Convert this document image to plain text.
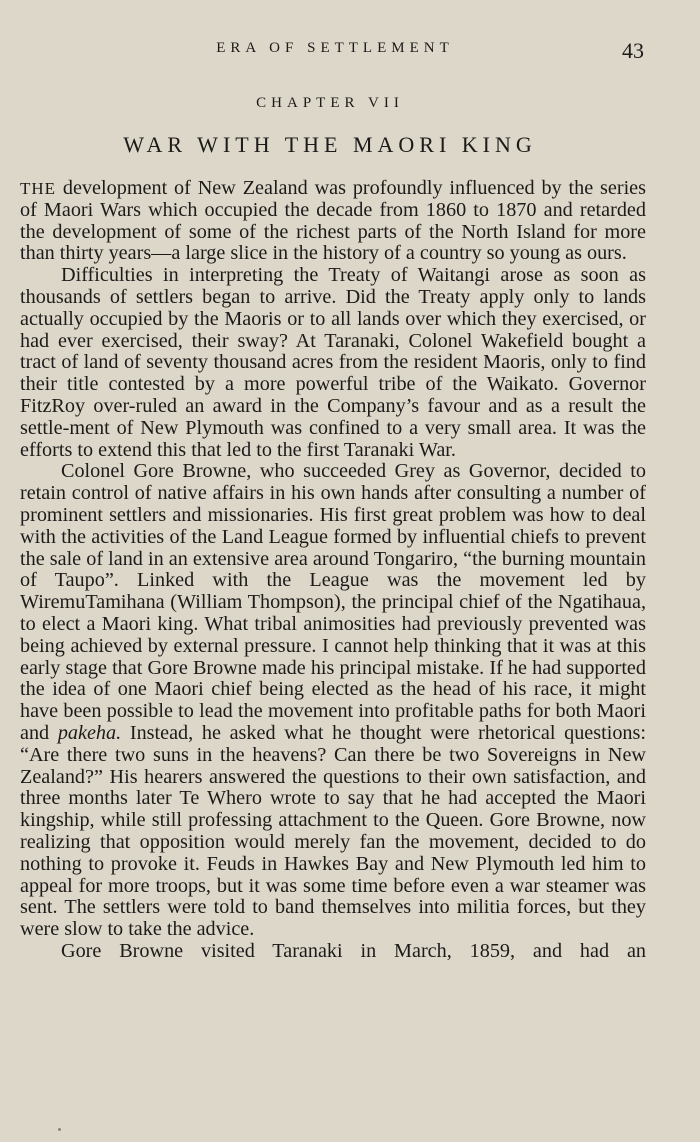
ERA OF SETTLEMENT	43
CHAPTER VII
WAR WITH THE MAORI KING

THE development of New Zealand was profoundly influenced by the series of Maori Wars which occupied the decade from 1860 to 1870 and retarded the development of some of the richest parts of the North Island for more than thirty years—a large slice in the history of a country so young as ours.

Difficulties in interpreting the Treaty of Waitangi arose as soon as thousands of settlers began to arrive. Did the Treaty apply only to lands actually occupied by the Maoris or to all lands over which they exercised, or had ever exercised, their sway? At Taranaki, Colonel Wakefield bought a tract of land of seventy thousand acres from the resident Maoris, only to find their title contested by a more powerful tribe of the Waikato. Governor FitzRoy over-ruled an award in the Company’s favour and as a result the settle-ment of New Plymouth was confined to a very small area. It was the efforts to extend this that led to the first Taranaki War.

Colonel Gore Browne, who succeeded Grey as Governor, decided to retain control of native affairs in his own hands after consulting a number of prominent settlers and missionaries. His first great problem was how to deal with the activities of the Land League formed by influential chiefs to prevent the sale of land in an extensive area around Tongariro, “the burning mountain of Taupo”. Linked with the League was the movement led by WiremuTamihana (William Thompson), the principal chief of the Ngatihaua, to elect a Maori king. What tribal animosities had previously prevented was being achieved by external pressure. I cannot help thinking that it was at this early stage that Gore Browne made his principal mistake. If he had supported the idea of one Maori chief being elected as the head of his race, it might have been possible to lead the movement into profitable paths for both Maori and pakeha. Instead, he asked what he thought were rhetorical questions: “Are there two suns in the heavens? Can there be two Sovereigns in New Zealand?” His hearers answered the questions to their own satisfaction, and three months later Te Whero wrote to say that he had accepted the Maori kingship, while still professing attachment to the Queen. Gore Browne, now realizing that opposition would merely fan the movement, decided to do nothing to provoke it. Feuds in Hawkes Bay and New Plymouth led him to appeal for more troops, but it was some time before even a war steamer was sent. The settlers were told to band themselves into militia forces, but they were slow to take the advice.

Gore Browne visited Taranaki in March, 1859, and had an
